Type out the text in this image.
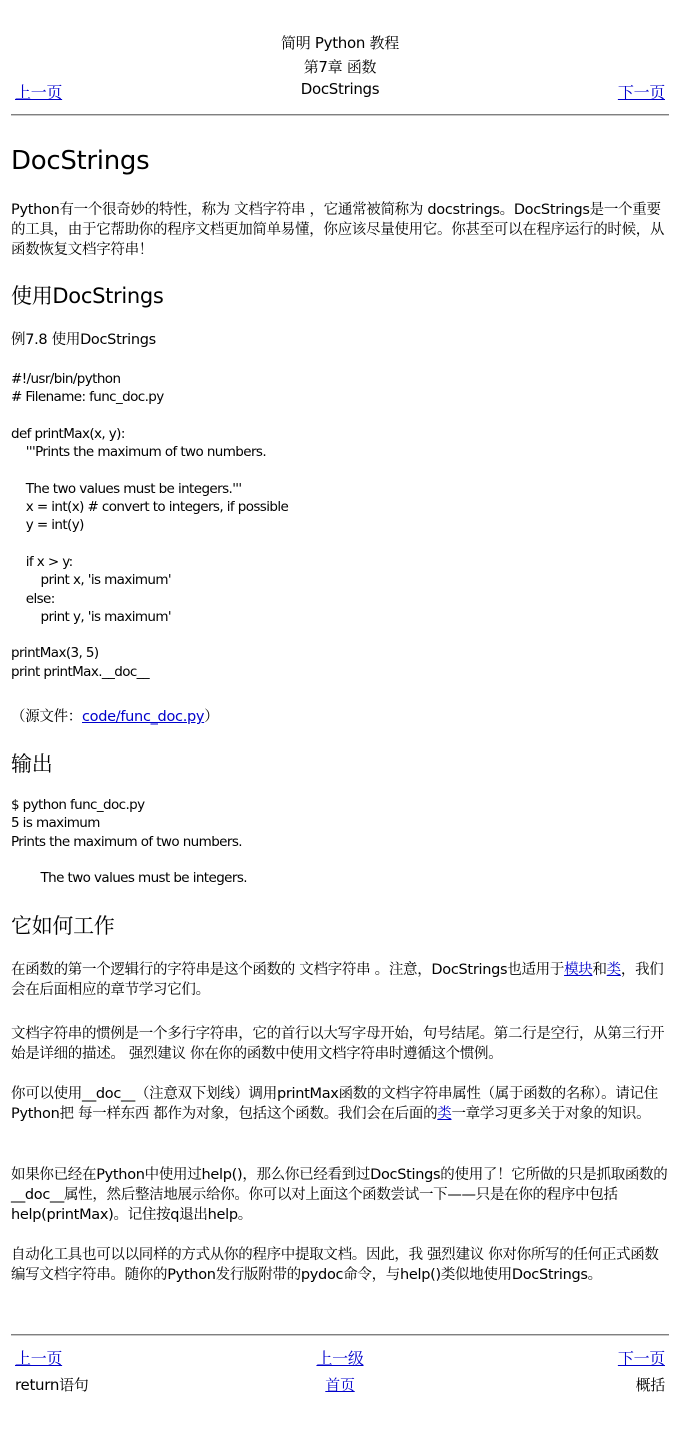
简明 Python 教程
第7章 函数
DocStrings
上一页	下一页
DocStrings
Python有一个很奇妙的特性，称为 文档字符串 ，它通常被简称为 docstrings。DocStrings是一个重要的工具，由于它帮助你的程序文档更加简单易懂，你应该尽量使用它。你甚至可以在程序运行的时候，从函数恢复文档字符串！
使用DocStrings
例7.8 使用DocStrings
#!/usr/bin/python
# Filename: func_doc.py

def printMax(x, y):
'''Prints the maximum of two numbers.

The two values must be integers.'''
x = int(x) # convert to integers, if possible
y = int(y)

if x > y:
print x, 'is maximum'
else:
print y, 'is maximum'

printMax(3, 5)
print printMax.__doc__
（源文件：code/func_doc.py）
输出
$ python func_doc.py
5 is maximum
Prints the maximum of two numbers.

The two values must be integers.
它如何工作
在函数的第一个逻辑行的字符串是这个函数的 文档字符串 。注意，DocStrings也适用于模块和类，我们会在后面相应的章节学习它们。
文档字符串的惯例是一个多行字符串，它的首行以大写字母开始，句号结尾。第二行是空行，从第三行开始是详细的描述。 强烈建议 你在你的函数中使用文档字符串时遵循这个惯例。
你可以使用__doc__（注意双下划线）调用printMax函数的文档字符串属性（属于函数的名称）。请记住Python把 每一样东西 都作为对象，包括这个函数。我们会在后面的类一章学习更多关于对象的知识。
如果你已经在Python中使用过help()，那么你已经看到过DocStings的使用了！它所做的只是抓取函数的__doc__属性，然后整洁地展示给你。你可以对上面这个函数尝试一下——只是在你的程序中包括help(printMax)。记住按q退出help。
自动化工具也可以以同样的方式从你的程序中提取文档。因此，我 强烈建议 你对你所写的任何正式函数编写文档字符串。随你的Python发行版附带的pydoc命令，与help()类似地使用DocStrings。
上一页	上一级	下一页
return语句	首页	概括
